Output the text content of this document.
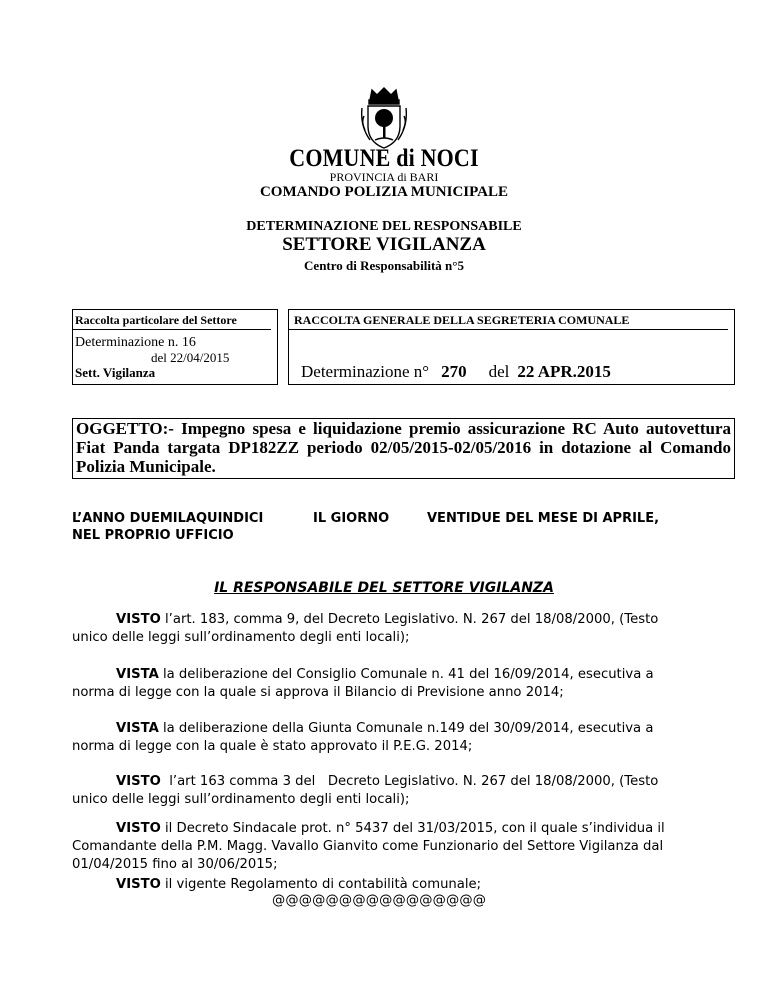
COMUNE di NOCI
PROVINCIA di BARI
COMANDO POLIZIA MUNICIPALE
DETERMINAZIONE DEL RESPONSABILE
SETTORE VIGILANZA
Centro di Responsabilità n°5
Raccolta particolare del Settore
Determinazione n. 16
del 22/04/2015
Sett. Vigilanza
RACCOLTA GENERALE DELLA SEGRETERIA COMUNALE
Determinazione n° 270 del 22 APR.2015
OGGETTO:- Impegno spesa e liquidazione premio assicurazione RC Auto autovettura Fiat Panda targata DP182ZZ periodo 02/05/2015-02/05/2016 in dotazione al Comando Polizia Municipale.
L’ANNO DUEMILAQUINDICI	IL GIORNO	VENTIDUE DEL MESE DI APRILE,
NEL PROPRIO UFFICIO
IL RESPONSABILE DEL SETTORE VIGILANZA
VISTO l’art. 183, comma 9, del Decreto Legislativo. N. 267 del 18/08/2000, (Testo unico delle leggi sull’ordinamento degli enti locali);
VISTA la deliberazione del Consiglio Comunale n. 41 del 16/09/2014, esecutiva a norma di legge con la quale si approva il Bilancio di Previsione anno 2014;
VISTA la deliberazione della Giunta Comunale n.149 del 30/09/2014, esecutiva a norma di legge con la quale è stato approvato il P.E.G. 2014;
VISTO  l’art 163 comma 3 del   Decreto Legislativo. N. 267 del 18/08/2000, (Testo unico delle leggi sull’ordinamento degli enti locali);
VISTO il Decreto Sindacale prot. n° 5437 del 31/03/2015, con il quale s’individua il Comandante della P.M. Magg. Vavallo Gianvito come Funzionario del Settore Vigilanza dal 01/04/2015 fino al 30/06/2015;
VISTO il vigente Regolamento di contabilità comunale;
@@@@@@@@@@@@@@@@
